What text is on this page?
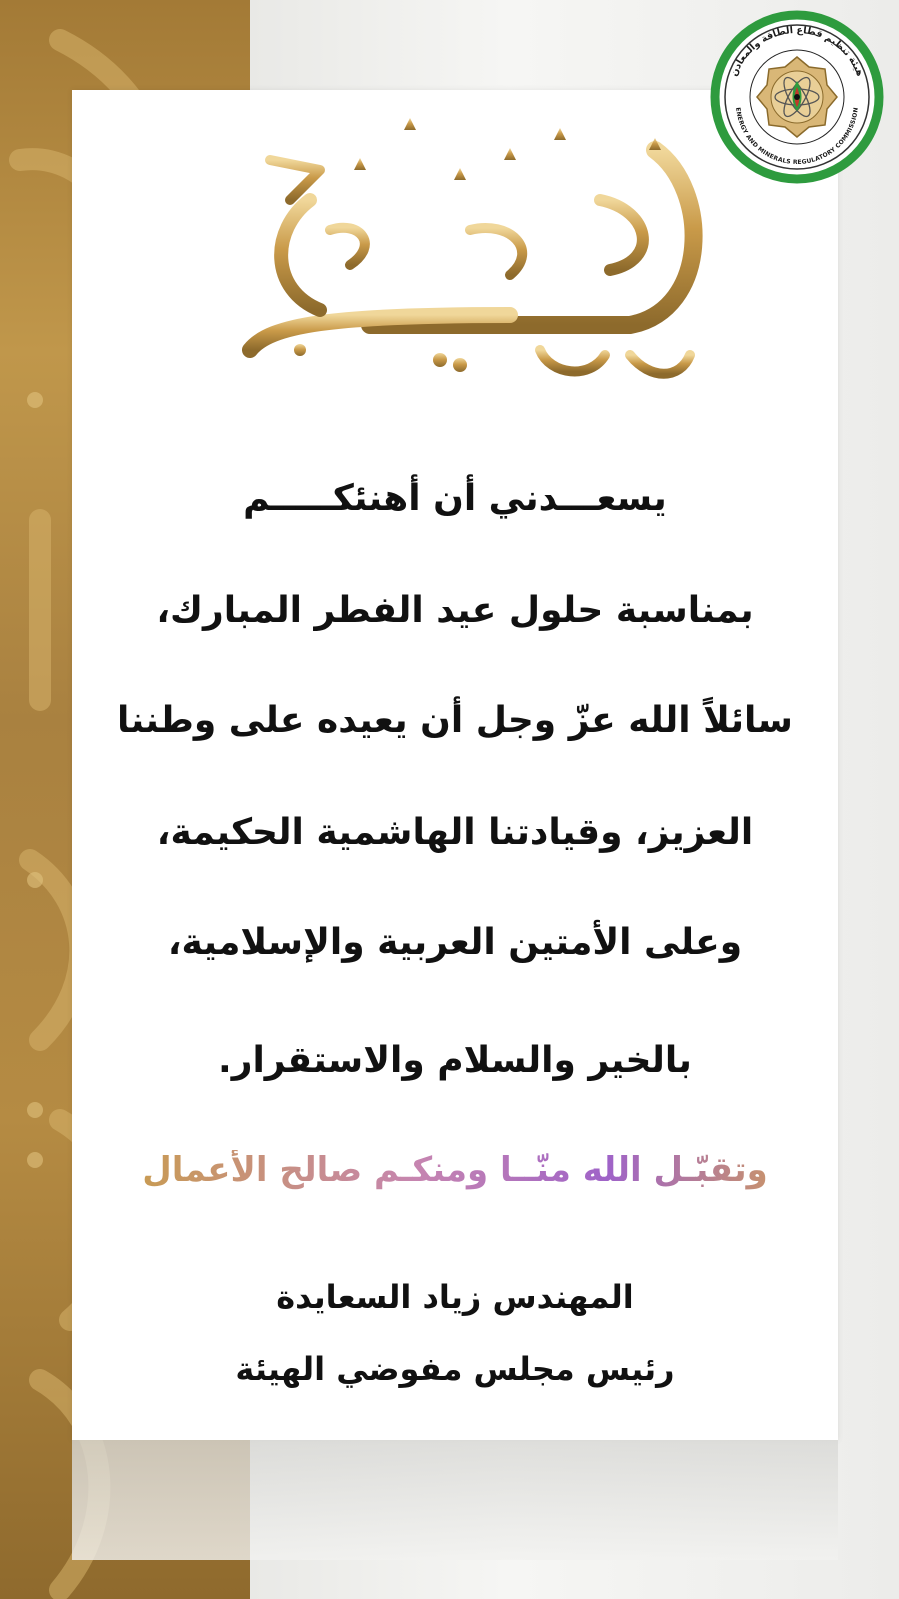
هيئة تنظيم قطاع الطاقة والمعادن
ENERGY AND MINERALS REGULATORY COMMISSION
يسعـــدني أن أهنئكـــــم
بمناسبة حلول عيد الفطر المبارك،
سائلاً الله عزّ وجل أن يعيده على وطننا
العزيز، وقيادتنا الهاشمية الحكيمة،
وعلى الأمتين العربية والإسلامية،
بالخير والسلام والاستقرار.
وتقبّـل الله منّــا ومنكـم صالح الأعمال
المهندس زياد السعايدة
رئيس مجلس مفوضي الهيئة
